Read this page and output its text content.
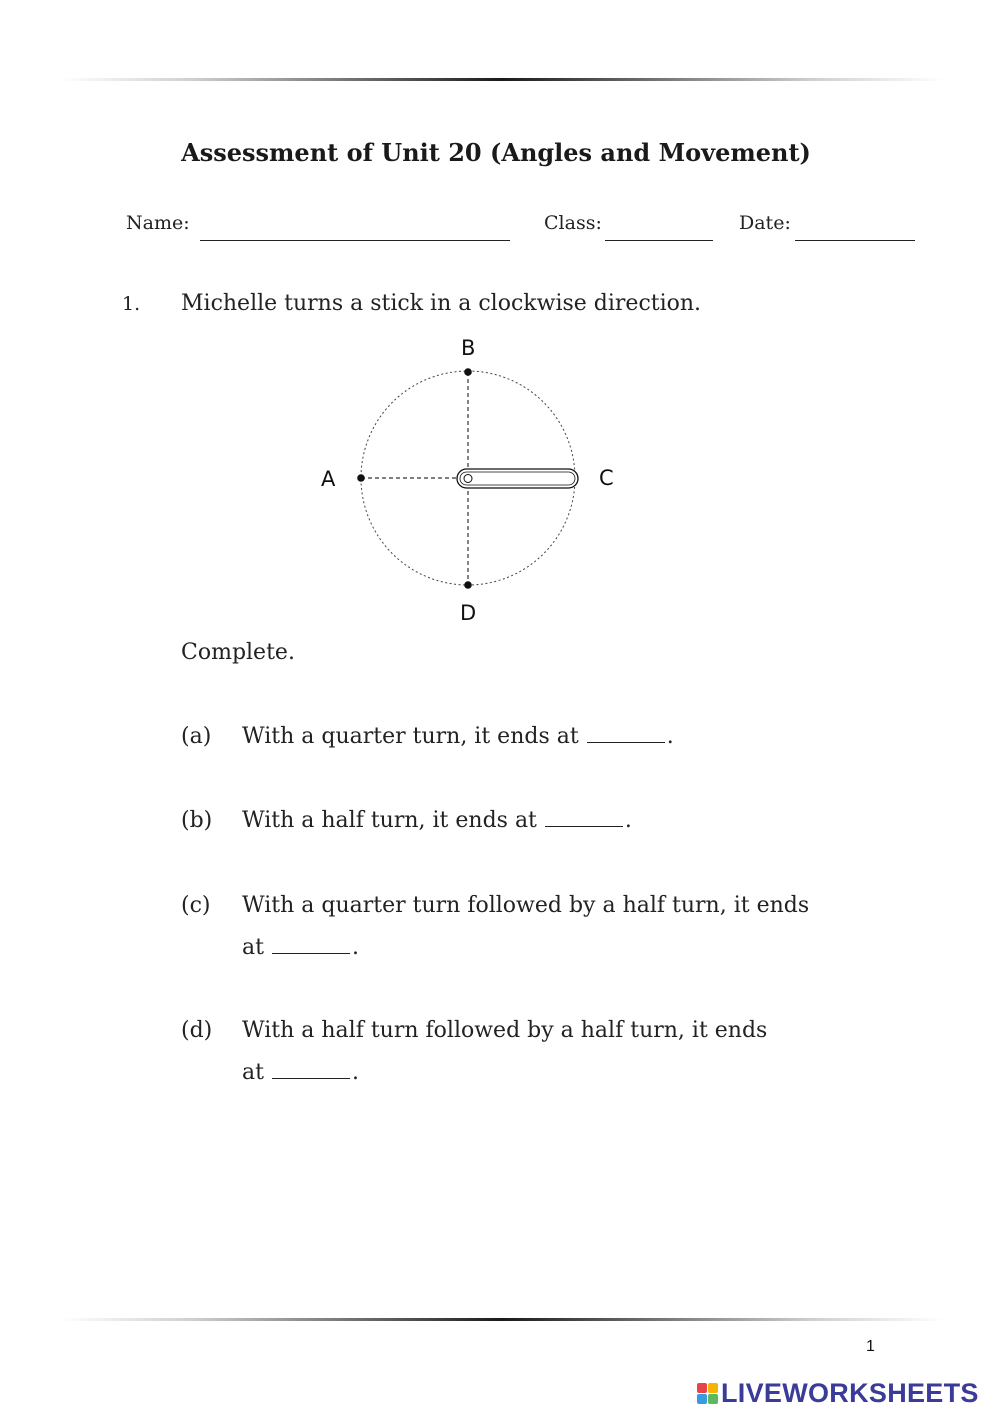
Assessment of Unit 20 (Angles and Movement)
Name:	Class:	Date:
1. Michelle turns a stick in a clockwise direction.
B
A	C
D
Complete.
(a) With a quarter turn, it ends at	.
(b) With a half turn, it ends at	.
(c) With a quarter turn followed by a half turn, it ends
at	.
(d) With a half turn followed by a half turn, it ends
at	.
1
LIVEWORKSHEETS
